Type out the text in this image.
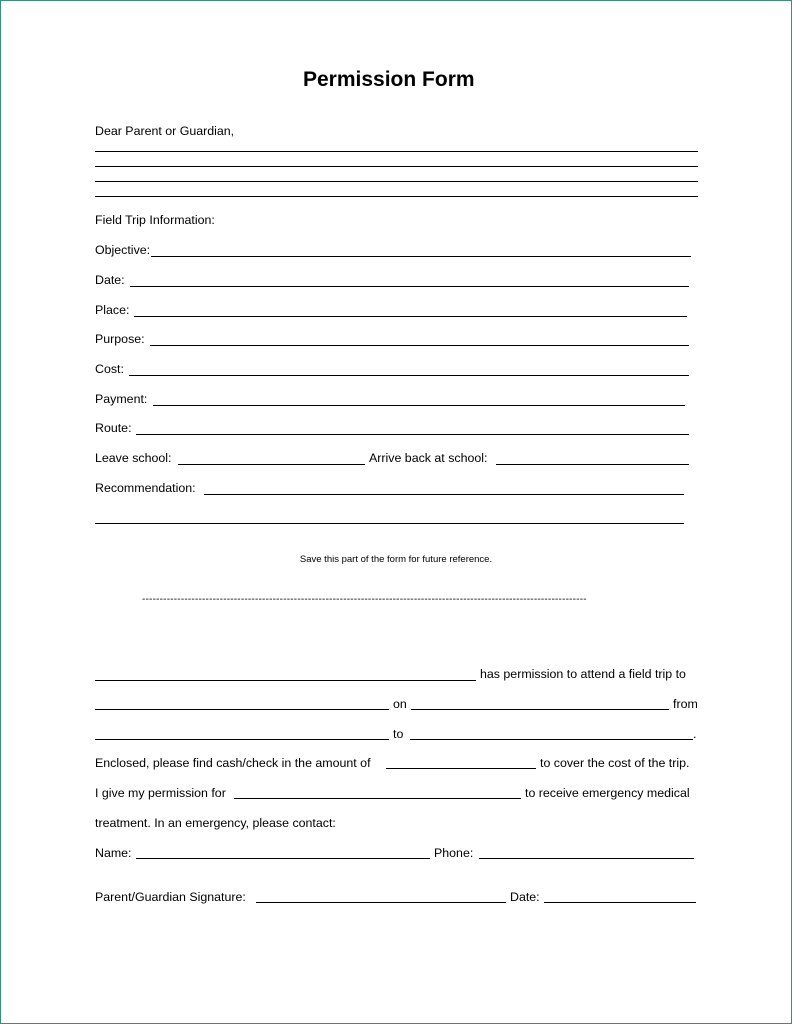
Permission Form
Dear Parent or Guardian,
Field Trip Information:
Objective:
Date:
Place:
Purpose:
Cost:
Payment:
Route:
Leave school:	Arrive back at school:
Recommendation:
Save this part of the form for future reference.
------------------------------------------------------------------------------------------------------------------------------
has permission to attend a field trip to
on	from
to	.
Enclosed, please find cash/check in the amount of	to cover the cost of the trip.
I give my permission for	to receive emergency medical
treatment. In an emergency, please contact:
Name:	Phone:
Parent/Guardian Signature:	Date:
